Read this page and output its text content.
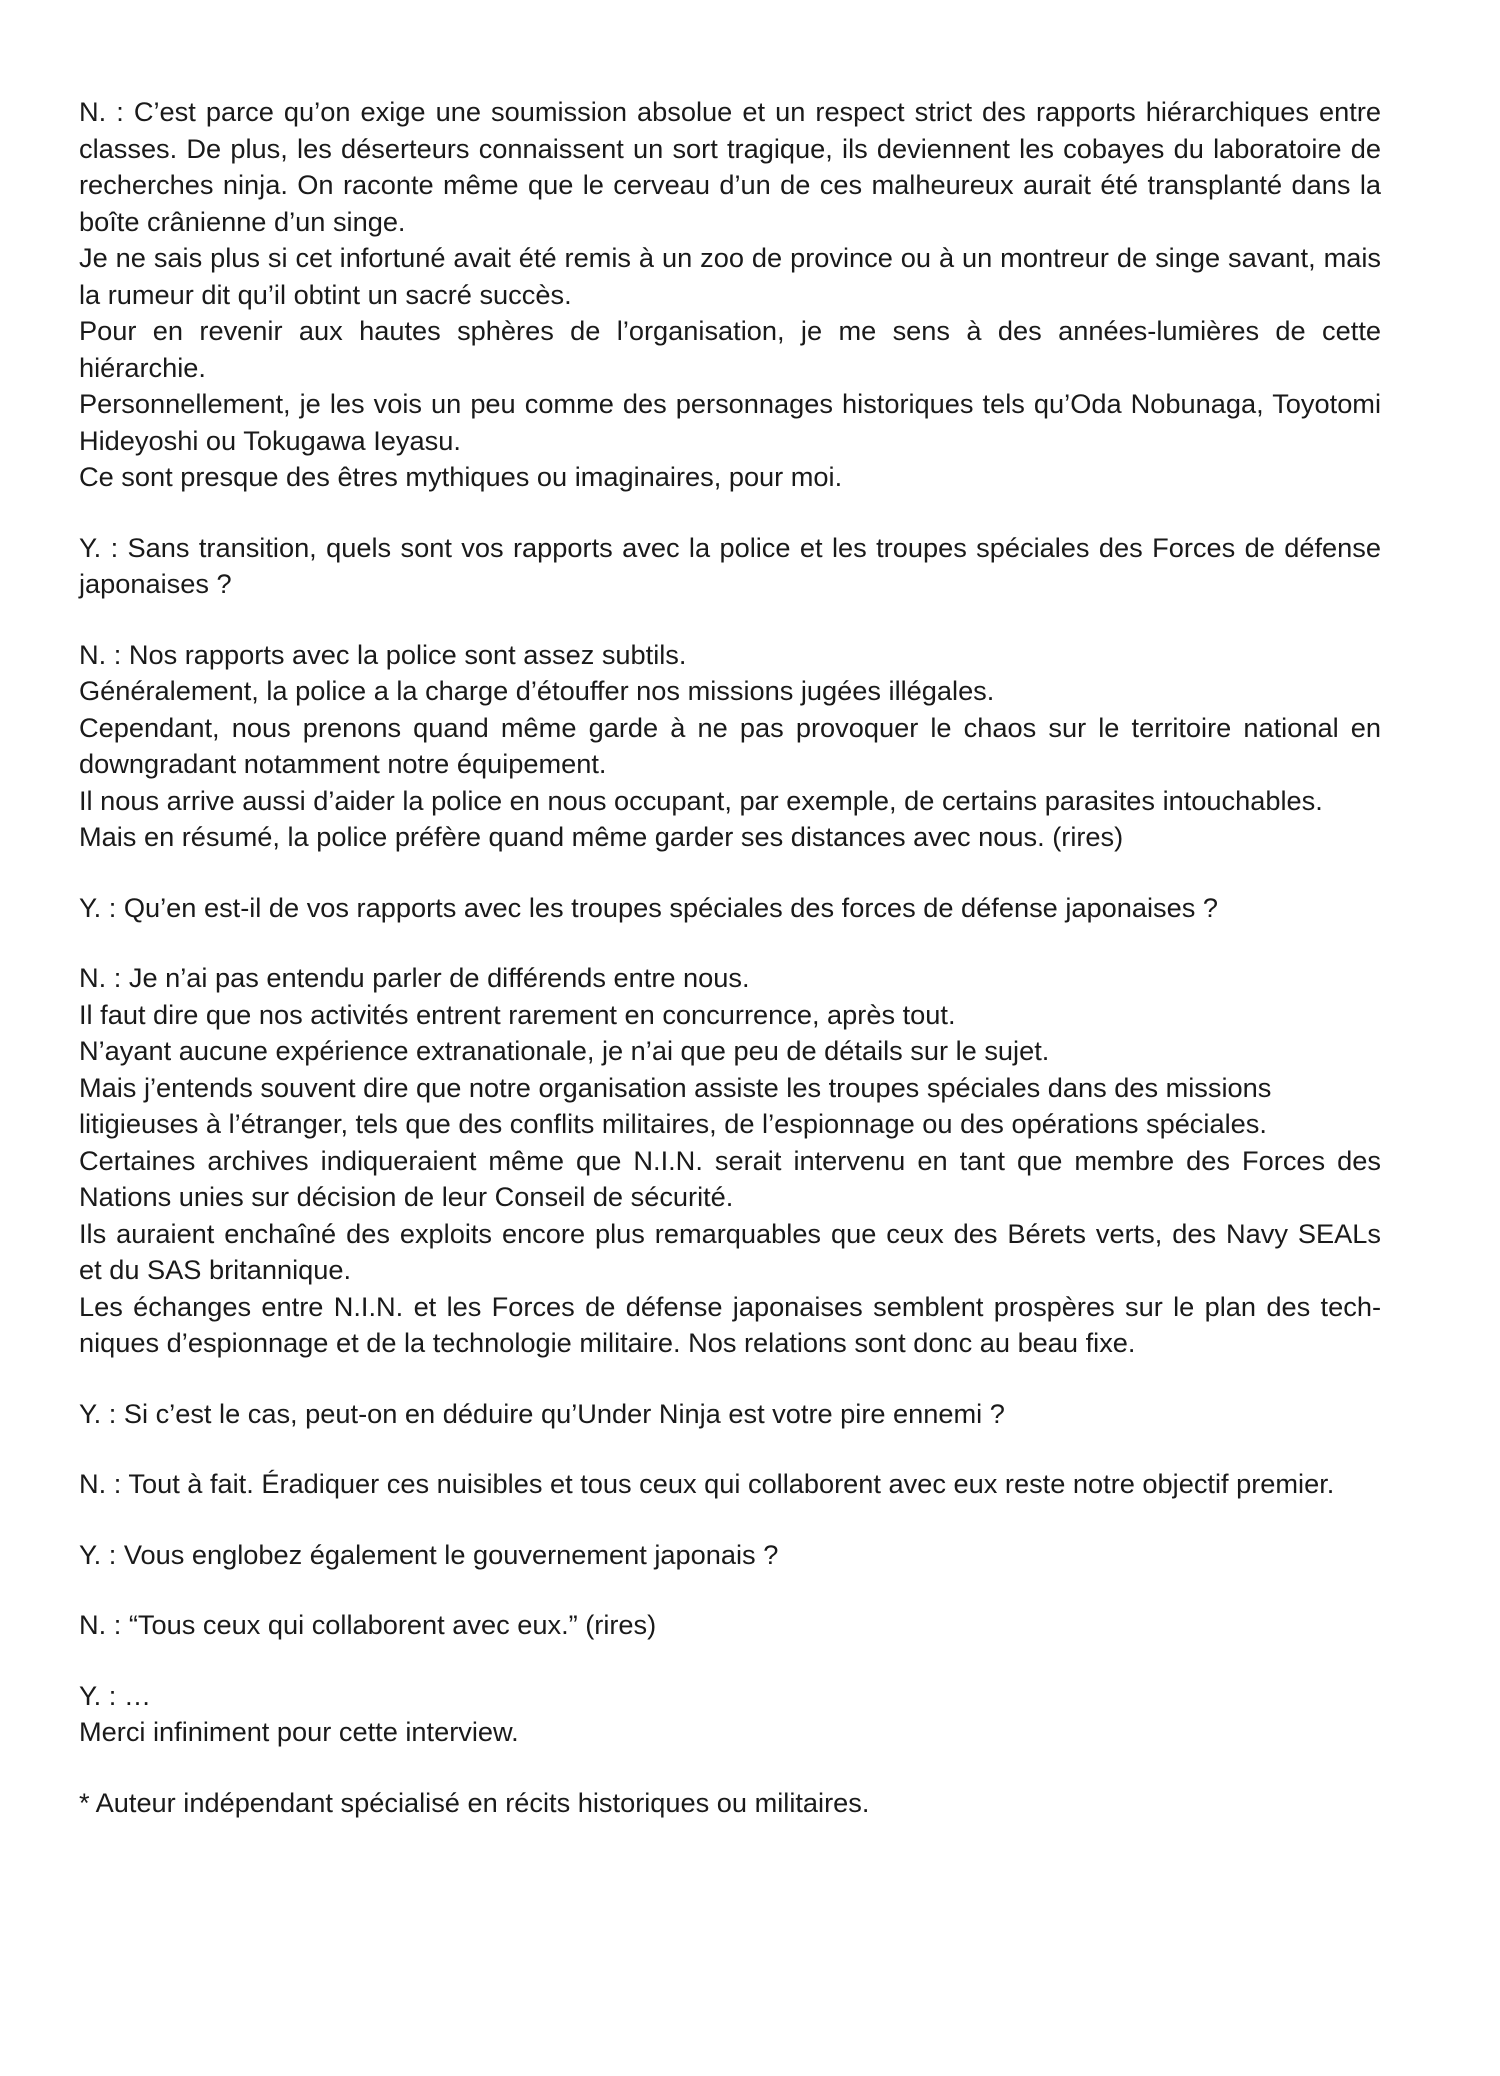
N. : C’est parce qu’on exige une soumission absolue et un respect strict des rapports hiérarchiques entre
classes. De plus, les déserteurs connaissent un sort tragique, ils deviennent les cobayes du laboratoire de
recherches ninja. On raconte même que le cerveau d’un de ces malheureux aurait été transplanté dans la
boîte crânienne d’un singe.
Je ne sais plus si cet infortuné avait été remis à un zoo de province ou à un montreur de singe savant, mais
la rumeur dit qu’il obtint un sacré succès.
Pour en revenir aux hautes sphères de l’organisation, je me sens à des années-lumières de cette hiérarchie.
Personnellement, je les vois un peu comme des personnages historiques tels qu’Oda Nobunaga, Toyotomi
Hideyoshi ou Tokugawa Ieyasu.
Ce sont presque des êtres mythiques ou imaginaires, pour moi.

Y. : Sans transition, quels sont vos rapports avec la police et les troupes spéciales des Forces de défense
japonaises ?

N. : Nos rapports avec la police sont assez subtils.
Généralement, la police a la charge d’étouffer nos missions jugées illégales.
Cependant, nous prenons quand même garde à ne pas provoquer le chaos sur le territoire national en
downgradant notamment notre équipement.
Il nous arrive aussi d’aider la police en nous occupant, par exemple, de certains parasites intouchables.
Mais en résumé, la police préfère quand même garder ses distances avec nous. (rires)

Y. : Qu’en est-il de vos rapports avec les troupes spéciales des forces de défense japonaises ?

N. : Je n’ai pas entendu parler de différends entre nous.
Il faut dire que nos activités entrent rarement en concurrence, après tout.
N’ayant aucune expérience extranationale, je n’ai que peu de détails sur le sujet.
Mais j’entends souvent dire que notre organisation assiste les troupes spéciales dans des missions
litigieuses à l’étranger, tels que des conflits militaires, de l’espionnage ou des opérations spéciales.
Certaines archives indiqueraient même que N.I.N. serait intervenu en tant que membre des Forces des
Nations unies sur décision de leur Conseil de sécurité.
Ils auraient enchaîné des exploits encore plus remarquables que ceux des Bérets verts, des Navy SEALs
et du SAS britannique.
Les échanges entre N.I.N. et les Forces de défense japonaises semblent prospères sur le plan des tech-
niques d’espionnage et de la technologie militaire. Nos relations sont donc au beau fixe.

Y. : Si c’est le cas, peut-on en déduire qu’Under Ninja est votre pire ennemi ?

N. : Tout à fait. Éradiquer ces nuisibles et tous ceux qui collaborent avec eux reste notre objectif premier.

Y. : Vous englobez également le gouvernement japonais ?

N. : “Tous ceux qui collaborent avec eux.” (rires)

Y. : …
Merci infiniment pour cette interview.

* Auteur indépendant spécialisé en récits historiques ou militaires.
